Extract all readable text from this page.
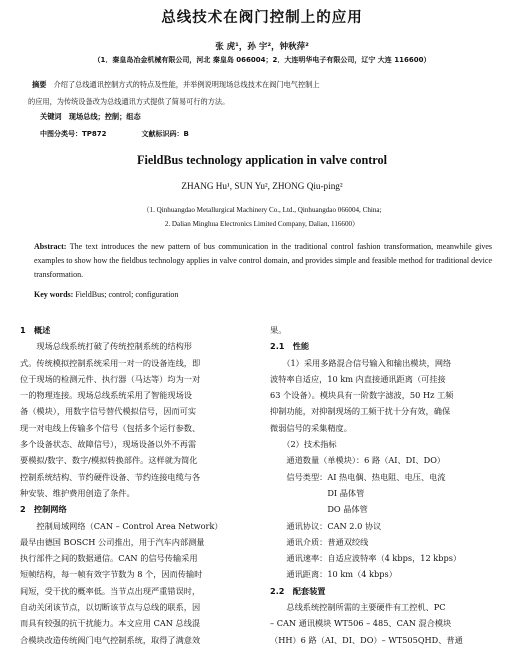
总线技术在阀门控制上的应用
张 虎¹，孙 宇²，钟秋萍²
（1．秦皇岛冶金机械有限公司，河北 秦皇岛 066004；2．大连明华电子有限公司，辽宁 大连 116600）
摘要　 介绍了总线通讯控制方式的特点及性能，并举例说明现场总线技术在阀门电气控制上
的应用，为传统设备改为总线通讯方式提供了简易可行的方法。
关键词　现场总线；控制；组态
中图分类号：TP872　　　　　文献标识码：B
FieldBus technology application in valve control
ZHANG Hu¹, SUN Yu², ZHONG Qiu-ping²
（1. Qinhuangdao Metallurgical Machinery Co., Ltd., Qinhuangdao 066004, China;
2. Dalian Minghua Electronics Limited Company, Dalian, 116600）
Abstract: The text introduces the new pattern of bus communication in the traditional control fashion transformation, meanwhile gives examples to show how the fieldbus technology applies in valve control domain, and provides simple and feasible method for traditional device transformation.
Key words: FieldBus; control; configuration
1　概述
　　现场总线系统打破了传统控制系统的结构形
式。传统模拟控制系统采用一对一的设备连线，即
位于现场的检测元件、执行器（马达等）均为一对
一的物理连接。现场总线系统采用了智能现场设
备（模块），用数字信号替代模拟信号，因而可实
现一对电线上传输多个信号（包括多个运行参数、
多个设备状态、故障信号），现场设备以外不再需
要模拟/数字、数字/模拟转换部件。这样就为简化
控制系统结构、节约硬件设备、节约连接电缆与各
种安装、维护费用创造了条件。
2　控制网络
　　控制局域网络（CAN – Control Area Network）
最早由德国 BOSCH 公司推出，用于汽车内部测量
执行部件之间的数据通信。CAN 的信号传输采用
短帧结构，每一帧有效字节数为 8 个，因而传输时
间短，受干扰的概率低。当节点出现严重错误时，
自动关闭该节点，以切断该节点与总线的联系，因
而具有较强的抗干扰能力。本文应用 CAN 总线混
合模块改造传统阀门电气控制系统，取得了满意效
果。
2.1　性能
　　（1）采用多路混合信号输入和输出模块，网络
波特率自适应，10 km 内直接通讯距离（可挂接
63 个设备）。模块具有一阶数字滤波，50 Hz 工频
抑制功能，对抑制现场的工频干扰十分有效，确保
微弱信号的采集精度。
　　（2）技术指标
　　通道数量（单模块）：6 路（AI、DI、DO）
　　信号类型：AI 热电偶、热电阻、电压、电流
　　　　　　　DI 晶体管
　　　　　　　DO 晶体管
　　通讯协议：CAN 2.0 协议
　　通讯介质：普通双绞线
　　通讯速率：自适应波特率（4 kbps，12 kbps）
　　通讯距离：10 km（4 kbps）
2.2　配套装置
　　总线系统控制所需的主要硬件有工控机、PC
– CAN 通讯模块 WT506 – 485、CAN 混合模块
（HH）6 路（AI、DI、DO）– WT505QHD、普通
